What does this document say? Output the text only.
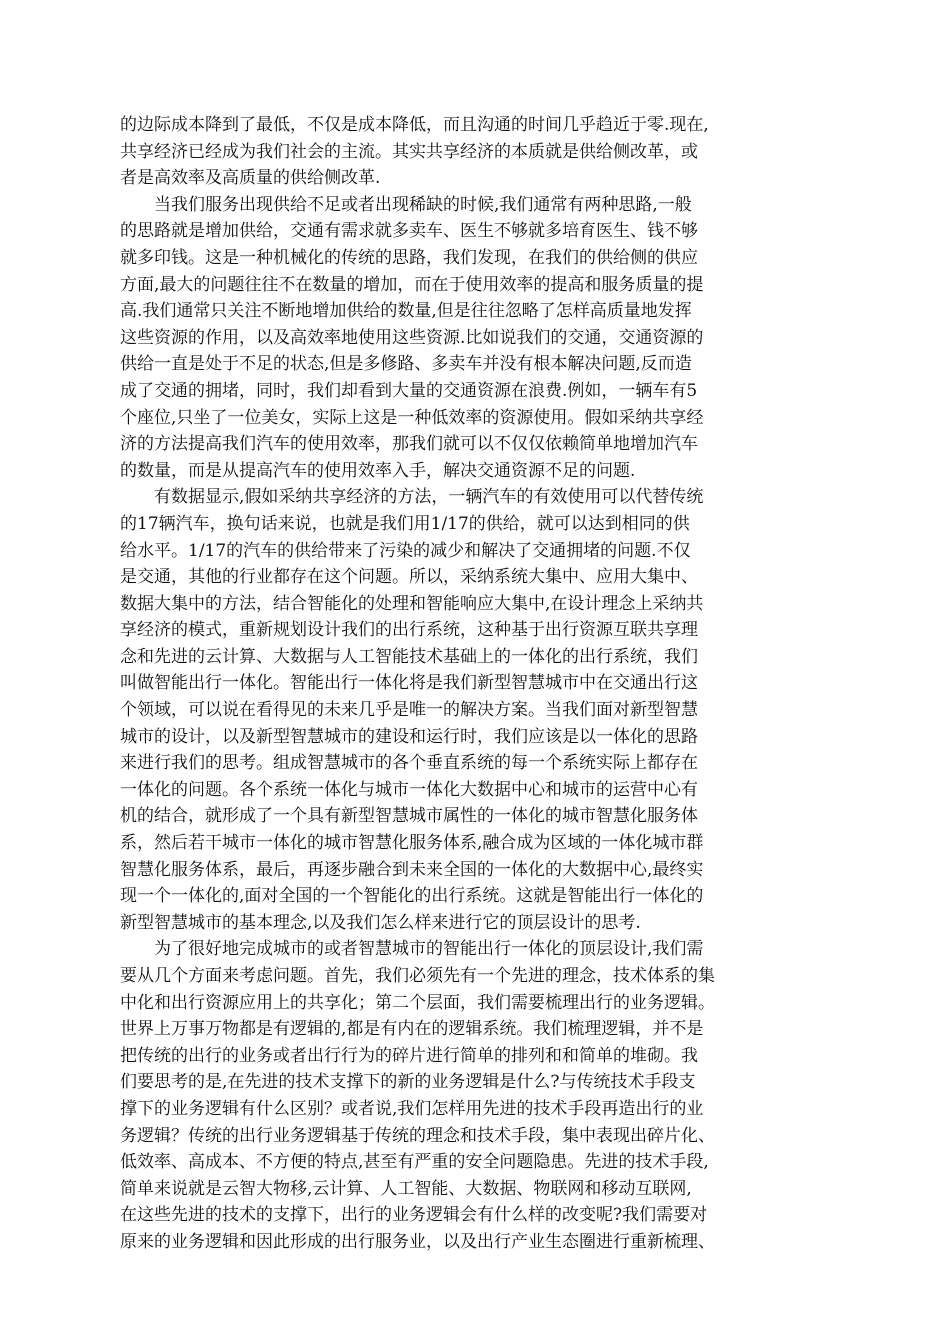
的边际成本降到了最低，不仅是成本降低，而且沟通的时间几乎趋近于零.现在,
共享经济已经成为我们社会的主流。其实共享经济的本质就是供给侧改革，或
者是高效率及高质量的供给侧改革.
　　当我们服务出现供给不足或者出现稀缺的时候,我们通常有两种思路,一般
的思路就是增加供给，交通有需求就多卖车、医生不够就多培育医生、钱不够
就多印钱。这是一种机械化的传统的思路，我们发现，在我们的供给侧的供应
方面,最大的问题往往不在数量的增加，而在于使用效率的提高和服务质量的提
高.我们通常只关注不断地增加供给的数量,但是往往忽略了怎样高质量地发挥
这些资源的作用，以及高效率地使用这些资源.比如说我们的交通，交通资源的
供给一直是处于不足的状态,但是多修路、多卖车并没有根本解决问题,反而造
成了交通的拥堵，同时，我们却看到大量的交通资源在浪费.例如，一辆车有5
个座位,只坐了一位美女，实际上这是一种低效率的资源使用。假如采纳共享经
济的方法提高我们汽车的使用效率，那我们就可以不仅仅依赖简单地增加汽车
的数量，而是从提高汽车的使用效率入手，解决交通资源不足的问题.
　　有数据显示,假如采纳共享经济的方法，一辆汽车的有效使用可以代替传统
的17辆汽车，换句话来说，也就是我们用1/17的供给，就可以达到相同的供
给水平。1/17的汽车的供给带来了污染的减少和解决了交通拥堵的问题.不仅
是交通，其他的行业都存在这个问题。所以，采纳系统大集中、应用大集中、
数据大集中的方法，结合智能化的处理和智能响应大集中,在设计理念上采纳共
享经济的模式，重新规划设计我们的出行系统，这种基于出行资源互联共享理
念和先进的云计算、大数据与人工智能技术基础上的一体化的出行系统，我们
叫做智能出行一体化。智能出行一体化将是我们新型智慧城市中在交通出行这
个领域，可以说在看得见的未来几乎是唯一的解决方案。当我们面对新型智慧
城市的设计，以及新型智慧城市的建设和运行时，我们应该是以一体化的思路
来进行我们的思考。组成智慧城市的各个垂直系统的每一个系统实际上都存在
一体化的问题。各个系统一体化与城市一体化大数据中心和城市的运营中心有
机的结合，就形成了一个具有新型智慧城市属性的一体化的城市智慧化服务体
系，然后若干城市一体化的城市智慧化服务体系,融合成为区域的一体化城市群
智慧化服务体系，最后，再逐步融合到未来全国的一体化的大数据中心,最终实
现一个一体化的,面对全国的一个智能化的出行系统。这就是智能出行一体化的
新型智慧城市的基本理念,以及我们怎么样来进行它的顶层设计的思考.
　　为了很好地完成城市的或者智慧城市的智能出行一体化的顶层设计,我们需
要从几个方面来考虑问题。首先，我们必须先有一个先进的理念，技术体系的集
中化和出行资源应用上的共享化；第二个层面，我们需要梳理出行的业务逻辑。
世界上万事万物都是有逻辑的,都是有内在的逻辑系统。我们梳理逻辑，并不是
把传统的出行的业务或者出行行为的碎片进行简单的排列和和简单的堆砌。我
们要思考的是,在先进的技术支撑下的新的业务逻辑是什么?与传统技术手段支
撑下的业务逻辑有什么区别？或者说,我们怎样用先进的技术手段再造出行的业
务逻辑？传统的出行业务逻辑基于传统的理念和技术手段，集中表现出碎片化、
低效率、高成本、不方便的特点,甚至有严重的安全问题隐患。先进的技术手段,
简单来说就是云智大物移,云计算、人工智能、大数据、物联网和移动互联网,
在这些先进的技术的支撑下，出行的业务逻辑会有什么样的改变呢?我们需要对
原来的业务逻辑和因此形成的出行服务业，以及出行产业生态圈进行重新梳理、
